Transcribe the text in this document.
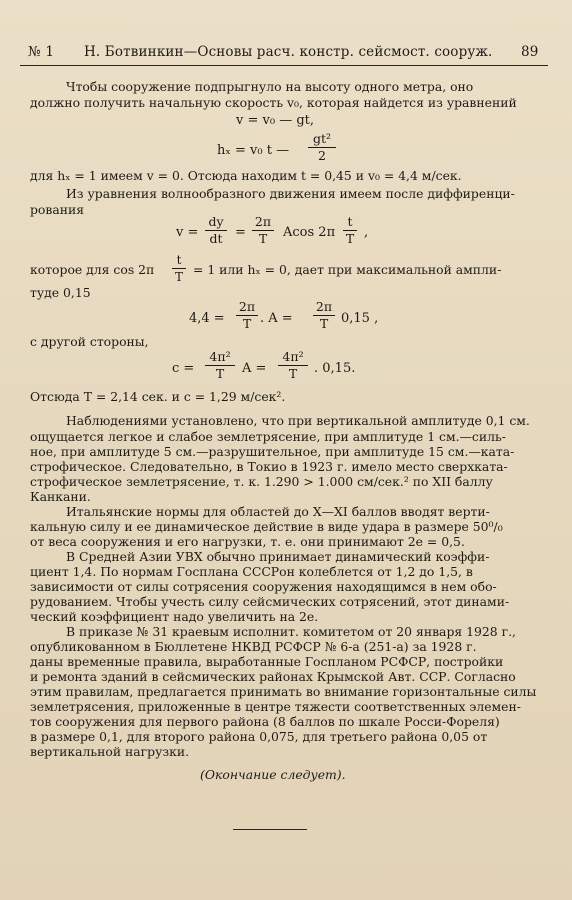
№ 1 Н. Ботвинкин—Основы расч. констр. сейсмост. сооруж. 89
Чтобы сооружение подпрыгнуло на высоту одного метра, оно
должно получить начальную скорость v₀, которая найдется из уравнений
v = v₀ — gt,
hₓ = v₀ t —
gt²
2
для hₓ = 1 имеем v = 0. Отсюда находим t = 0,45 и v₀ = 4,4 м/сек.
Из уравнения волнообразного движения имеем после диффиренци-
рования
v =
dy
dt =
2π
T	Acos 2π
t
T ,
которое для cos 2π
t
T = 1 или hₓ = 0, дает при максимальной ампли-
туде 0,15
4,4 =
2π
T . A =
2π
T 0,15 ,
с другой стороны,
c =
4π²
T	A =
4π²
T	. 0,15.
Отсюда T = 2,14 сек. и c = 1,29 м/сек².
Наблюдениями установлено, что при вертикальной амплитуде 0,1 см.
ощущается легкое и слабое землетрясение, при амплитуде 1 см.—силь-
ное, при амплитуде 5 см.—разрушительное, при амплитуде 15 см.—ката-
строфическое. Следовательно, в Токио в 1923 г. имело место сверхката-
строфическое землетрясение, т. к. 1.290 > 1.000 см/сек.² по XII баллу
Канкани.
Итальянские нормы для областей до X—XI баллов вводят верти-
кальную силу и ее динамическое действие в виде удара в размере 50⁰/₀
от веса сооружения и его нагрузки, т. е. они принимают 2e = 0,5.
В Средней Азии УВХ обычно принимает динамический коэффи-
циент 1,4. По нормам Госплана СССРон колеблется от 1,2 до 1,5, в
зависимости от силы сотрясения сооружения находящимся в нем обо-
рудованием. Чтобы учесть силу сейсмических сотрясений, этот динами-
ческий коэффициент надо увеличить на 2e.
В приказе № 31 краевым исполнит. комитетом от 20 января 1928 г.,
опубликованном в Бюллетене НКВД РСФСР № 6-а (251-а) за 1928 г.
даны временные правила, выработанные Госпланом РСФСР, постройки
и ремонта зданий в сейсмических районах Крымской Авт. ССР. Согласно
этим правилам, предлагается принимать во внимание горизонтальные силы
землетрясения, приложенные в центре тяжести соответственных элемен-
тов сооружения для первого района (8 баллов по шкале Росси-Фореля)
в размере 0,1, для второго района 0,075, для третьего района 0,05 от
вертикальной нагрузки.
(Окончание следует).
